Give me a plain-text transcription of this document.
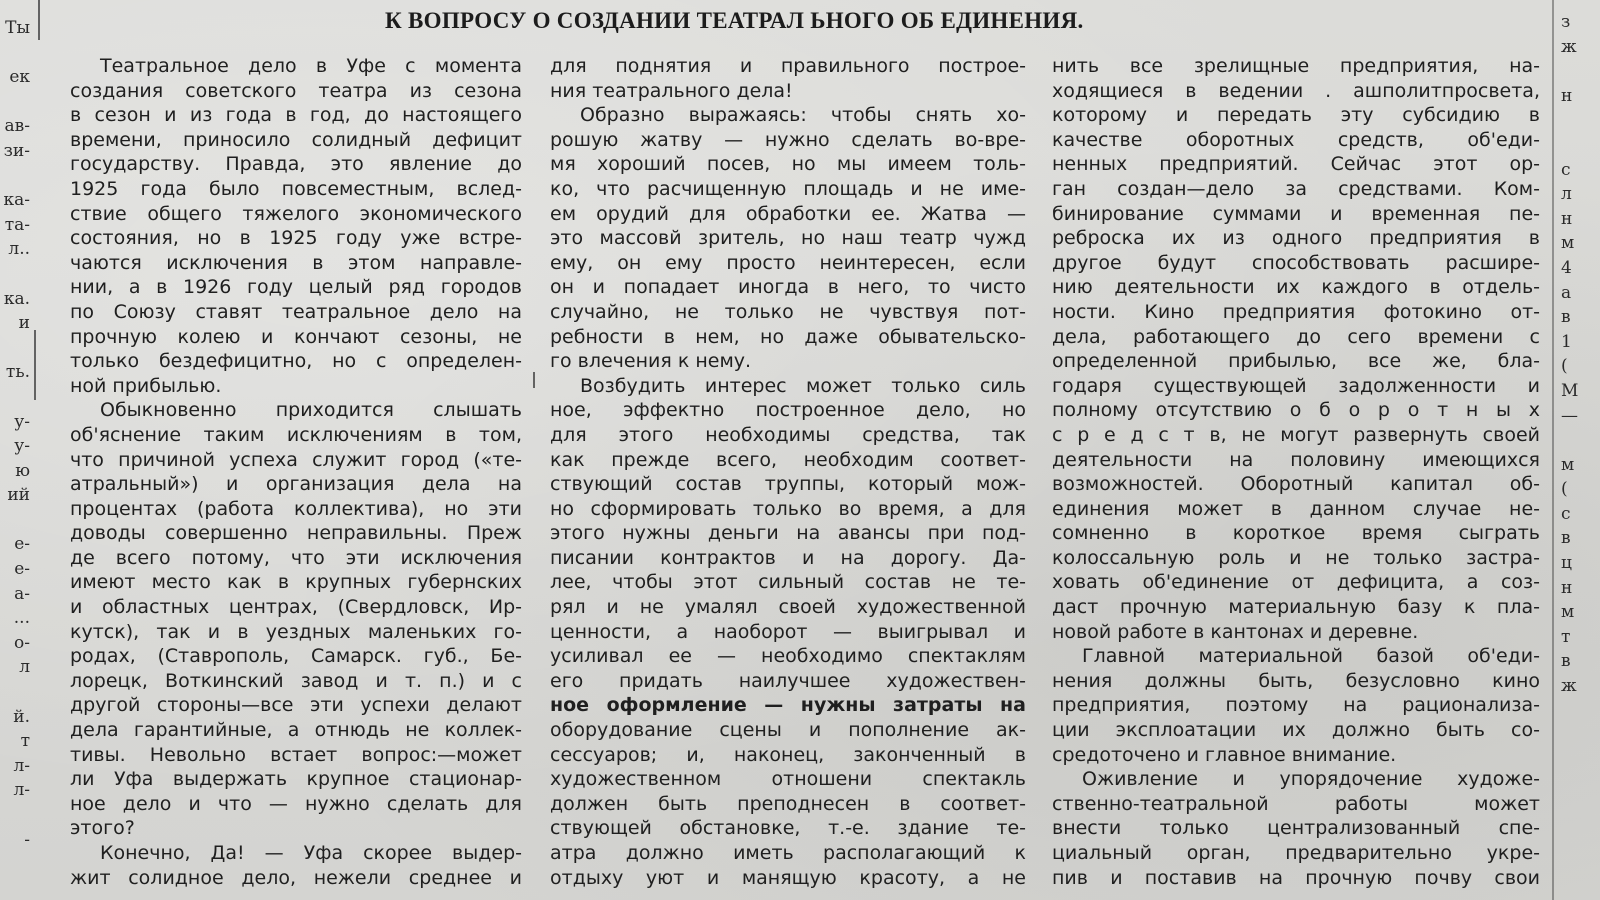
Ты
ек
ав-
зи-
ка-
та-
л..
ка.
и
ть.
у-
у-
ю
ий
е-
е-
а-
...
о-
л
й.
т
л-
л-
-
з
ж
н
с
л
н
м
4
а
в
1
(
М
—
м
(
с
в
ц
н
м
т
в
ж
К ВОПРОСУ О СОЗДАНИИ ТЕАТРАЛ ЬНОГО ОБ ЕДИНЕНИЯ.
Театральное дело в Уфе с момента
создания советского театра из сезона
в сезон и из года в год, до настоящего
времени, приносило солидный дефицит
государству. Правда, это явление до
1925 года было повсеместным, вслед-
ствие общего тяжелого экономического
состояния, но в 1925 году уже встре-
чаются исключения в этом направле-
нии, а в 1926 году целый ряд городов
по Союзу ставят театральное дело на
прочную колею и кончают сезоны, не
только бездефицитно, но с определен-
ной прибылью.
Обыкновенно приходится слышать
об'яснение таким исключениям в том,
что причиной успеха служит город («те-
атральный») и организация дела на
процентах (работа коллектива), но эти
доводы совершенно неправильны. Преж
де всего потому, что эти исключения
имеют место как в крупных губернских
и областных центрах, (Свердловск, Ир-
кутск), так и в уездных маленьких го-
родах, (Ставрополь, Самарск. губ., Бе-
лорецк, Воткинский завод и т. п.) и с
другой стороны—все эти успехи делают
дела гарантийные, а отнюдь не коллек-
тивы. Невольно встает вопрос:—может
ли Уфа выдержать крупное стационар-
ное дело и что — нужно сделать для
этого?
Конечно, Да! — Уфа скорее выдер-
жит солидное дело, нежели среднее и
для поднятия и правильного построе-
ния театрального дела!
Образно выражаясь: чтобы снять хо-
рошую жатву — нужно сделать во-вре-
мя хороший посев, но мы имеем толь-
ко, что расчищенную площадь и не име-
ем орудий для обработки ее. Жатва —
это массовй зритель, но наш театр чужд
ему, он ему просто неинтересен, если
он и попадает иногда в него, то чисто
случайно, не только не чувствуя пот-
ребности в нем, но даже обывательско-
го влечения к нему.
Возбудить интерес может только силь
ное, эффектно построенное дело, но
для этого необходимы средства, так
как прежде всего, необходим соответ-
ствующий состав труппы, который мож-
но сформировать только во время, а для
этого нужны деньги на авансы при под-
писании контрактов и на дорогу. Да-
лее, чтобы этот сильный состав не те-
рял и не умалял своей художественной
ценности, а наоборот — выигрывал и
усиливал ее — необходимо спектаклям
его придать наилучшее художествен-
ное оформление — нужны затраты на
оборудование сцены и пополнение ак-
сессуаров; и, наконец, законченный в
художественном отношени спектакль
должен быть преподнесен в соответ-
ствующей обстановке, т.-е. здание те-
атра должно иметь располагающий к
отдыху уют и манящую красоту, а не
нить все зрелищные предприятия, на-
ходящиеся в ведении . ашполитпросвета,
которому и передать эту субсидию в
качестве оборотных средств, об'еди-
ненных предприятий. Сейчас этот ор-
ган создан—дело за средствами. Ком-
бинирование суммами и временная пе-
реброска их из одного предприятия в
другое будут способствовать расшире-
нию деятельности их каждого в отдель-
ности. Кино предприятия фотокино от-
дела, работающего до сего времени с
определенной прибылью, все же, бла-
годаря существующей задолженности и
полному отсутствию о б о р о т н ы х
с р е д с т в, не могут развернуть своей
деятельности на половину имеющихся
возможностей. Оборотный капитал об-
единения может в данном случае не-
сомненно в короткое время сыграть
колоссальную роль и не только застра-
ховать об'единение от дефицита, а соз-
даст прочную материальную базу к пла-
новой работе в кантонах и деревне.
Главной материальной базой об'еди-
нения должны быть, безусловно кино
предприятия, поэтому на рационализа-
ции эксплоатации их должно быть со-
средоточено и главное внимание.
Оживление и упорядочение художе-
ственно-театральной работы может
внести только централизованный спе-
циальный орган, предварительно укре-
пив и поставив на прочную почву свои
